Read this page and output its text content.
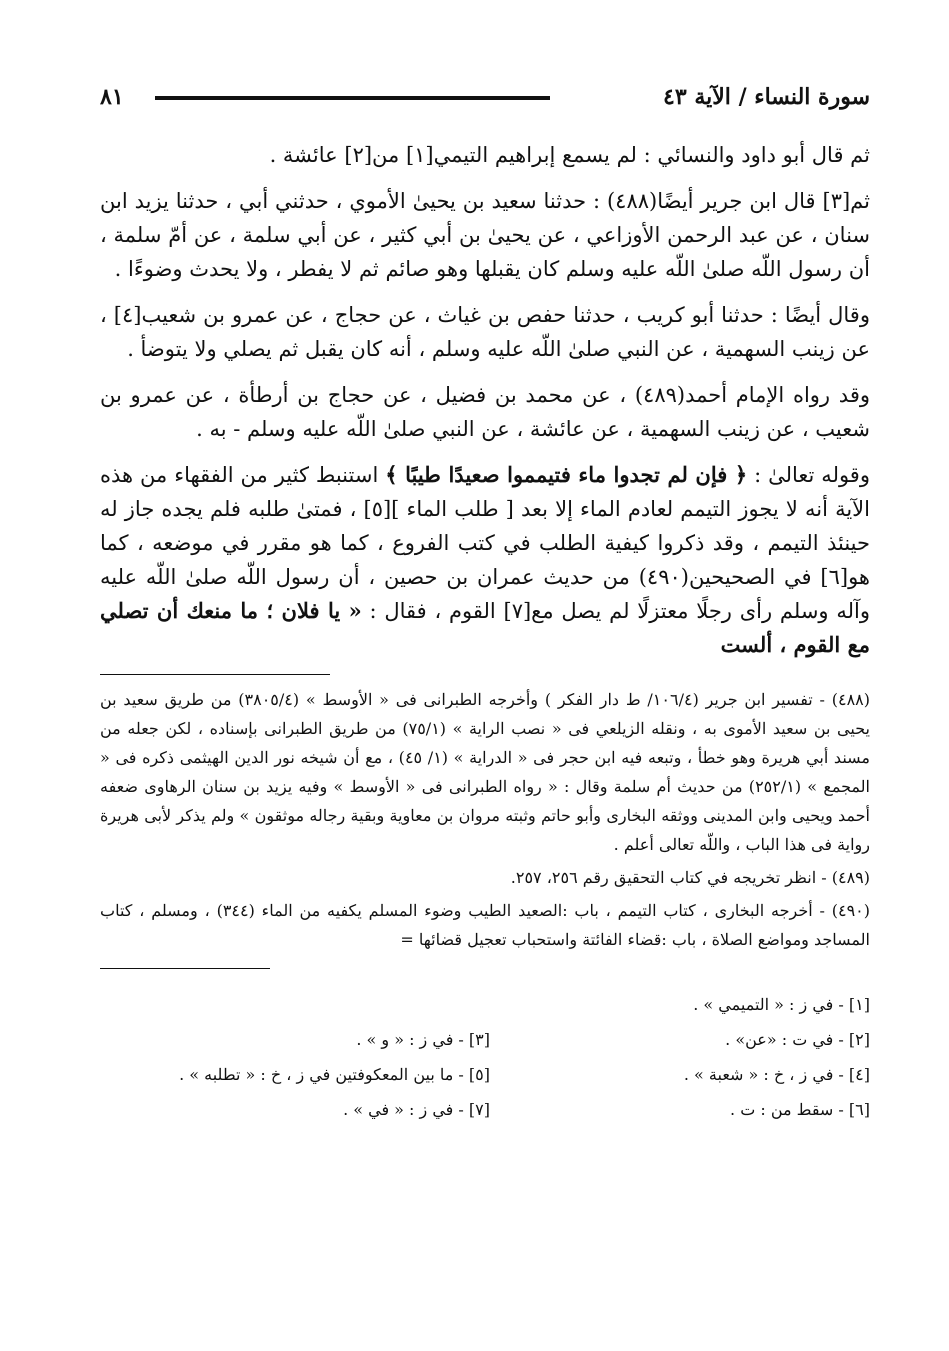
سورة النساء / الآية ٤٣
٨١

ثم قال أبو داود والنسائي : لم يسمع إبراهيم التيمي[١] من[٢] عائشة .

ثم[٣] قال ابن جرير أيضًا(٤٨٨) : حدثنا سعيد بن يحيىٰ الأموي ، حدثني أبي ، حدثنا يزيد ابن سنان ، عن عبد الرحمن الأوزاعي ، عن يحيىٰ بن أبي كثير ، عن أبي سلمة ، عن أمّ سلمة ، أن رسول اللّه صلىٰ اللّه عليه وسلم كان يقبلها وهو صائم ثم لا يفطر ، ولا يحدث وضوءًا .

وقال أيضًا : حدثنا أبو كريب ، حدثنا حفص بن غياث ، عن حجاج ، عن عمرو بن شعيب[٤] ، عن زينب السهمية ، عن النبي صلىٰ اللّه عليه وسلم ، أنه كان يقبل ثم يصلي ولا يتوضأ .

وقد رواه الإمام أحمد(٤٨٩) ، عن محمد بن فضيل ، عن حجاج بن أرطأة ، عن عمرو بن شعيب ، عن زينب السهمية ، عن عائشة ، عن النبي صلىٰ اللّه عليه وسلم - به .

وقوله تعالىٰ : ﴿ فإن لم تجدوا ماء فتيمموا صعيدًا طيبًا ﴾ استنبط كثير من الفقهاء من هذه الآية أنه لا يجوز التيمم لعادم الماء إلا بعد [ طلب الماء ][٥] ، فمتىٰ طلبه فلم يجده جاز له حينئذ التيمم ، وقد ذكروا كيفية الطلب في كتب الفروع ، كما هو مقرر في موضعه ، كما هو[٦] في الصحيحين(٤٩٠) من حديث عمران بن حصين ، أن رسول اللّه صلىٰ اللّه عليه وآله وسلم رأى رجلًا معتزلًا لم يصل مع[٧] القوم ، فقال : « يا فلان ؛ ما منعك أن تصلي مع القوم ، ألست

(٤٨٨) - تفسير ابن جرير (١٠٦/٤/ ط دار الفكر ) وأخرجه الطبرانى فى « الأوسط » (٣٨٠٥/٤) من طريق سعيد بن يحيى بن سعيد الأموى به ، ونقله الزيلعي فى « نصب الراية » (٧٥/١) من طريق الطبرانى بإسناده ، لكن جعله من مسند أبي هريرة وهو خطأ ، وتبعه فيه ابن حجر فى « الدراية » (١/ ٤٥) ، مع أن شيخه نور الدين الهيثمى ذكره فى « المجمع » (٢٥٢/١) من حديث أم سلمة وقال : « رواه الطبرانى فى « الأوسط » وفيه يزيد بن سنان الرهاوى ضعفه أحمد ويحيى وابن المدينى ووثقه البخارى وأبو حاتم وثبته مروان بن معاوية وبقية رجاله موثقون » ولم يذكر لأبى هريرة رواية فى هذا الباب ، واللّه تعالى أعلم .

(٤٨٩) - انظر تخريجه في كتاب التحقيق رقم ٢٥٦، ٢٥٧.

(٤٩٠) - أخرجه البخارى ، كتاب التيمم ، باب :الصعيد الطيب وضوء المسلم يكفيه من الماء (٣٤٤) ، ومسلم ، كتاب المساجد ومواضع الصلاة ، باب :قضاء الفائتة واستحباب تعجيل قضائها =

[١] - في ز : « التميمي » .
[٢] - في ت : «عن» .
[٣] - في ز : « و » .
[٤] - في ز ، خ : « شعبة » .
[٥] - ما بين المعكوفتين في ز ، خ : « تطلبه » .
[٦] - سقط من : ت .
[٧] - في ز : « في » .
